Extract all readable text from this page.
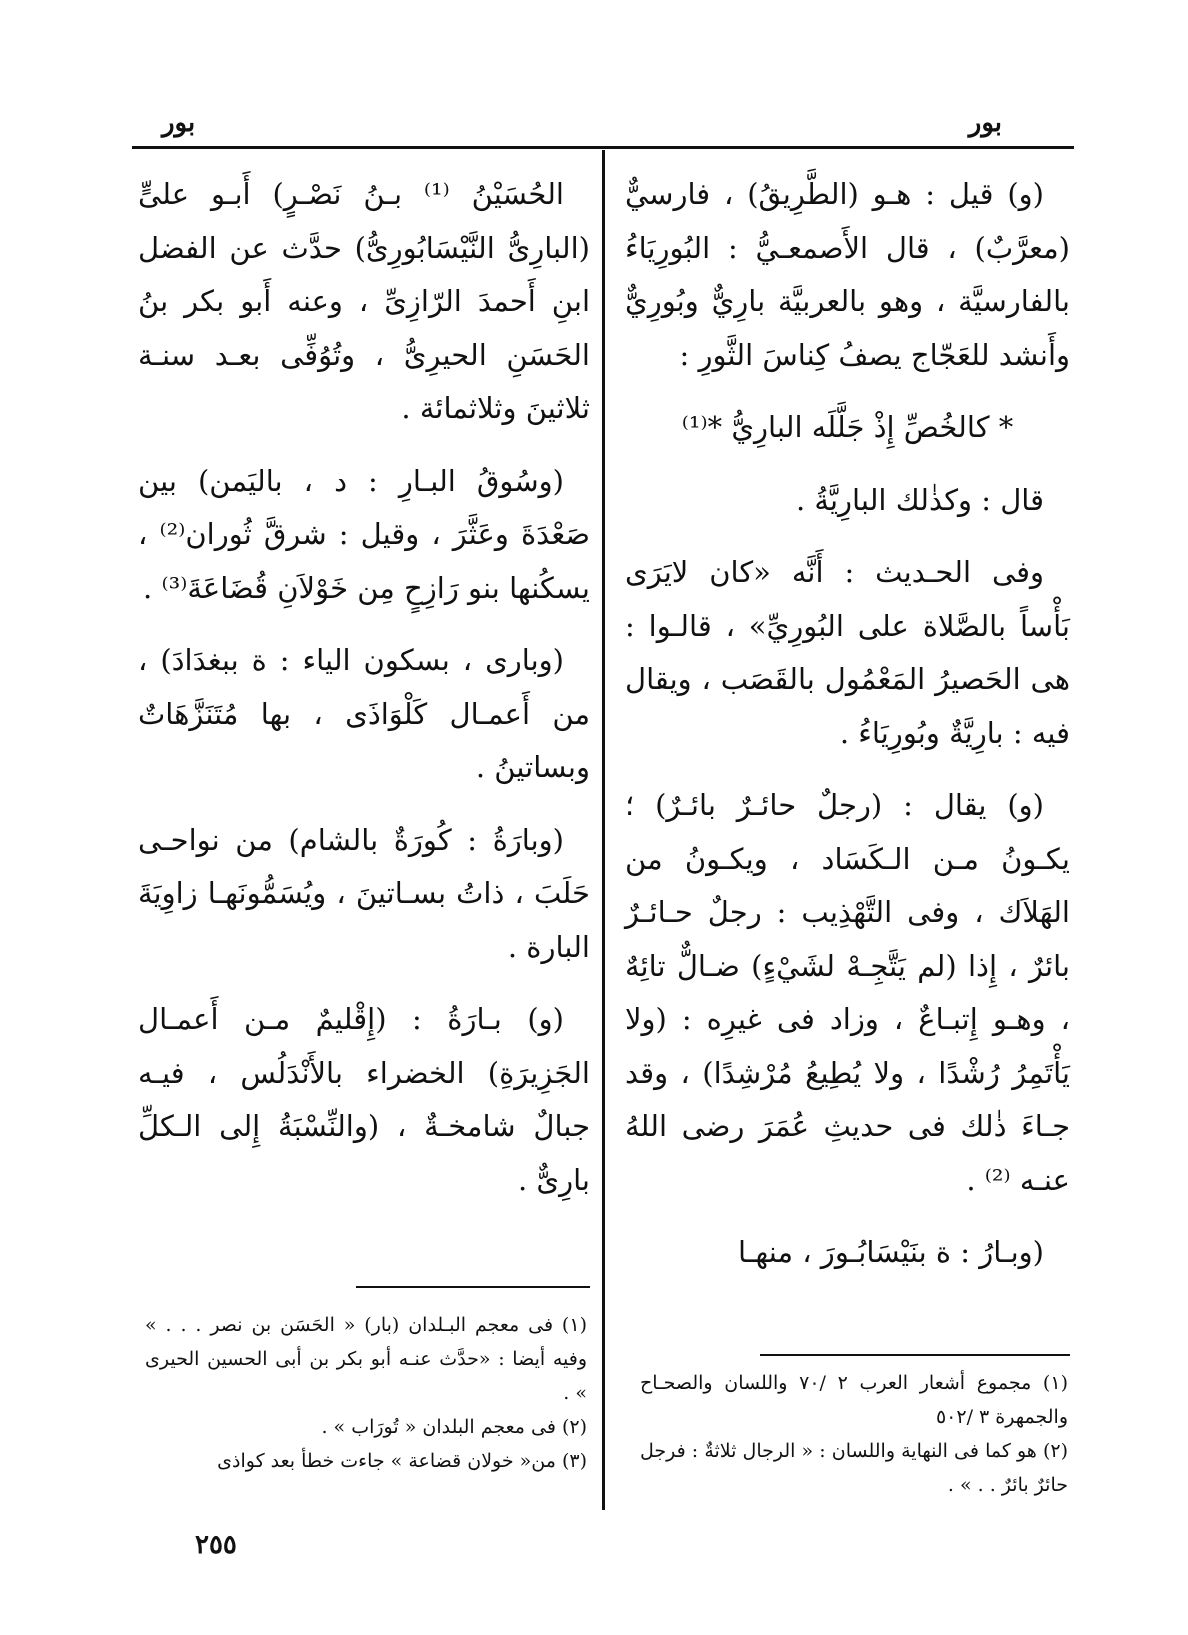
بور
بور

(و) قيل : هـو (الطَّرِيقُ) ، فارسيٌّ (معرَّبٌ) ، قال الأَصمعـيُّ : البُورِيَاءُ بالفارسيَّة ، وهو بالعربيَّة بارِيٌّ وبُورِيٌّ وأَنشد للعَجّاج يصفُ كِناسَ الثَّورِ :

* كالخُصِّ إِذْ جَلَّلَه البارِيُّ *⁽¹⁾

قال : وكذٰلك البارِيَّةُ .

وفى الحـديث : أَنَّه «كان لايَرَى بَأْساً بالصَّلاة على البُورِيِّ» ، قالـوا : هى الحَصيرُ المَعْمُول بالقَصَب ، ويقال فيه : بارِيَّةٌ وبُورِيَاءُ .

(و) يقال : (رجلٌ حائـرٌ بائـرٌ) ؛ يكـونُ مـن الـكَسَاد ، ويكـونُ من الهَلاَك ، وفى التَّهْذِيب : رجلٌ حـائـرٌ بائرٌ ، إِذا (لم يَتَّجِـهْ لشَيْءٍ) ضـالٌّ تائِهٌ ، وهـو إِتبـاعٌ ، وزاد فى غيرِه : (ولا يَأْتَمِرُ رُشْدًا ، ولا يُطِيعُ مُرْشِدًا) ، وقد جـاءَ ذٰلك فى حديثِ عُمَرَ رضى اللهُ عنـه ⁽²⁾ .

(وبـارُ : ة بنَيْسَابُـورَ ، منهـا

الحُسَيْنُ ⁽¹⁾ بـنُ نَصْـرٍ) أَبـو علىٍّ (البارِىُّ النَّيْسَابُورِىُّ) حدَّث عن الفضل ابنِ أَحمدَ الرّازِىِّ ، وعنه أَبو بكر بنُ الحَسَنِ الحيرِىُّ ، وتُوُفِّى بعـد سنـة ثلاثينَ وثلاثمائة .

(وسُوقُ البـارِ : د ، باليَمن) بين صَعْدَةَ وعَثَّرَ ، وقيل : شرقَّ ثُوران⁽²⁾ ، يسكُنها بنو رَازِحٍ مِن خَوْلاَنِ قُضَاعَةَ⁽³⁾ .

(وبارى ، بسكون الياء : ة ببغدَادَ) ، من أَعمـال كَلْوَاذَى ، بها مُتَنَزَّهَاتٌ وبساتينُ .

(وبارَةُ : كُورَةٌ بالشام) من نواحـى حَلَبَ ، ذاتُ بسـاتينَ ، ويُسَمُّونَهـا زاوِيَةَ البارة .

(و) بـارَةُ : (إِقْليمٌ مـن أَعمـال الجَزِيرَةِ) الخضراء بالأَنْدَلُس ، فيـه جبالٌ شامخـةٌ ، (والنِّسْبَةُ إِلى الـكلِّ بارِىٌّ .

(١) مجموع أشعار العرب ٢ /٧٠ واللسان والصحـاح والجمهرة ٣ /٥٠٢

(٢) هو كما فى النهاية واللسان : « الرجال ثلاثةٌ : فرجل حائرٌ بائرٌ . . » .

(١) فى معجم البـلدان (بار) « الحَسَن بن نصر . . . » وفيه أيضا : «حدَّث عنـه أبو بكر بن أبى الحسين الحيرى » .

(٢) فى معجم البلدان « تُورَاب » .

(٣) من« خولان قضاعة » جاءت خطأ بعد كواذى

٢٥٥
